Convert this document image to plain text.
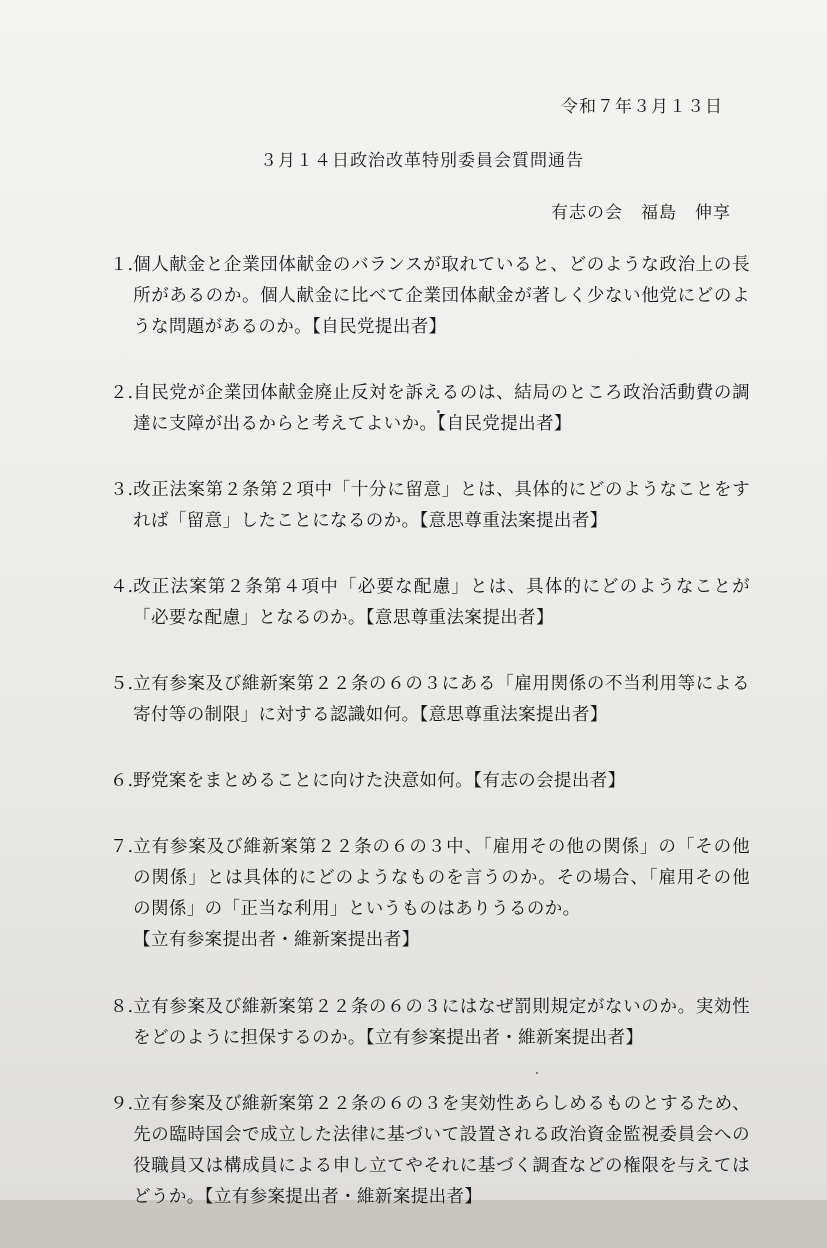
令和７年３月１３日
３月１４日政治改革特別委員会質問通告
有志の会　福島　伸享
１. 個人献金と企業団体献金のバランスが取れていると、どのような政治上の長所があるのか。個人献金に比べて企業団体献金が著しく少ない他党にどのような問題があるのか。【自民党提出者】
２. 自民党が企業団体献金廃止反対を訴えるのは、結局のところ政治活動費の調達に支障が出るからと考えてよいか。【自民党提出者】
３. 改正法案第２条第２項中「十分に留意」とは、具体的にどのようなことをすれば「留意」したことになるのか。【意思尊重法案提出者】
４. 改正法案第２条第４項中「必要な配慮」とは、具体的にどのようなことが「必要な配慮」となるのか。【意思尊重法案提出者】
５. 立有参案及び維新案第２２条の６の３にある「雇用関係の不当利用等による寄付等の制限」に対する認識如何。【意思尊重法案提出者】
６. 野党案をまとめることに向けた決意如何。【有志の会提出者】
７. 立有参案及び維新案第２２条の６の３中、「雇用その他の関係」の「その他の関係」とは具体的にどのようなものを言うのか。その場合、「雇用その他の関係」の「正当な利用」というものはありうるのか。
【立有参案提出者・維新案提出者】
８. 立有参案及び維新案第２２条の６の３にはなぜ罰則規定がないのか。実効性をどのように担保するのか。【立有参案提出者・維新案提出者】
９. 立有参案及び維新案第２２条の６の３を実効性あらしめるものとするため、先の臨時国会で成立した法律に基づいて設置される政治資金監視委員会への役職員又は構成員による申し立てやそれに基づく調査などの権限を与えてはどうか。【立有参案提出者・維新案提出者】
